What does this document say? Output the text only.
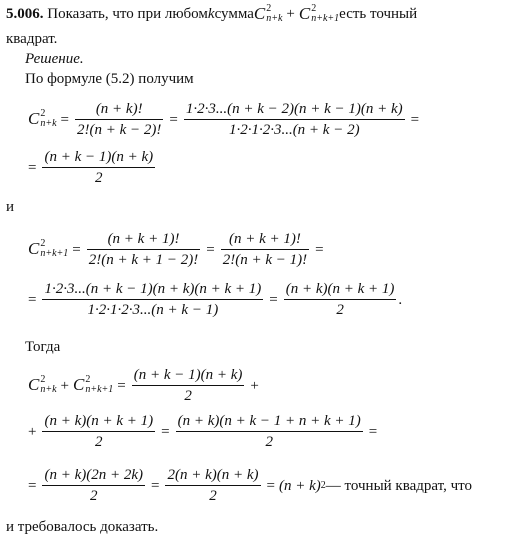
5.006.
Показать, что при любом k сумма C 2
n+k + C 2
n+k+1 есть точный
квадрат.
Решение.
По формуле (5.2) получим
C 2
$n+k = \frac{(n + k)!}{2!(n + k - 2)!} = \frac{1\cdot 2\cdot 3...(n + k - 2)(n + k - 1)(n + k)}{1\cdot 2\cdot 1\cdot 2\cdot 3...(n + k - 2)}$ =
= $\frac{(n + k - 1)(n + k)}{2}$
и
C 2
$n+k+1 = \frac{(n + k + 1)!}{2!(n + k + 1 - 2)!} = \frac{(n + k + 1)!}{2!(n + k - 1)!}$ =
= $\frac{1\cdot 2\cdot 3...(n + k - 1)(n + k)(n + k + 1)}{1\cdot 2\cdot 1\cdot 2\cdot 3...(n + k - 1)} = \frac{(n + k)(n + k + 1)}{2}$ .
Тогда
C 2
n+k + C 2
$n+k+1 = \frac{(n + k - 1)(n + k)}{2}$ +
+ $\frac{(n + k)(n + k + 1)}{2} = \frac{(n + k)(n + k - 1 + n + k + 1)}{2}$ =
= $\frac{(n + k)(2n + 2k)}{2} = \frac{2(n + k)(n + k)}{2} = (n + k)$ 2 — точный квадрат, что
и требовалось доказать.
